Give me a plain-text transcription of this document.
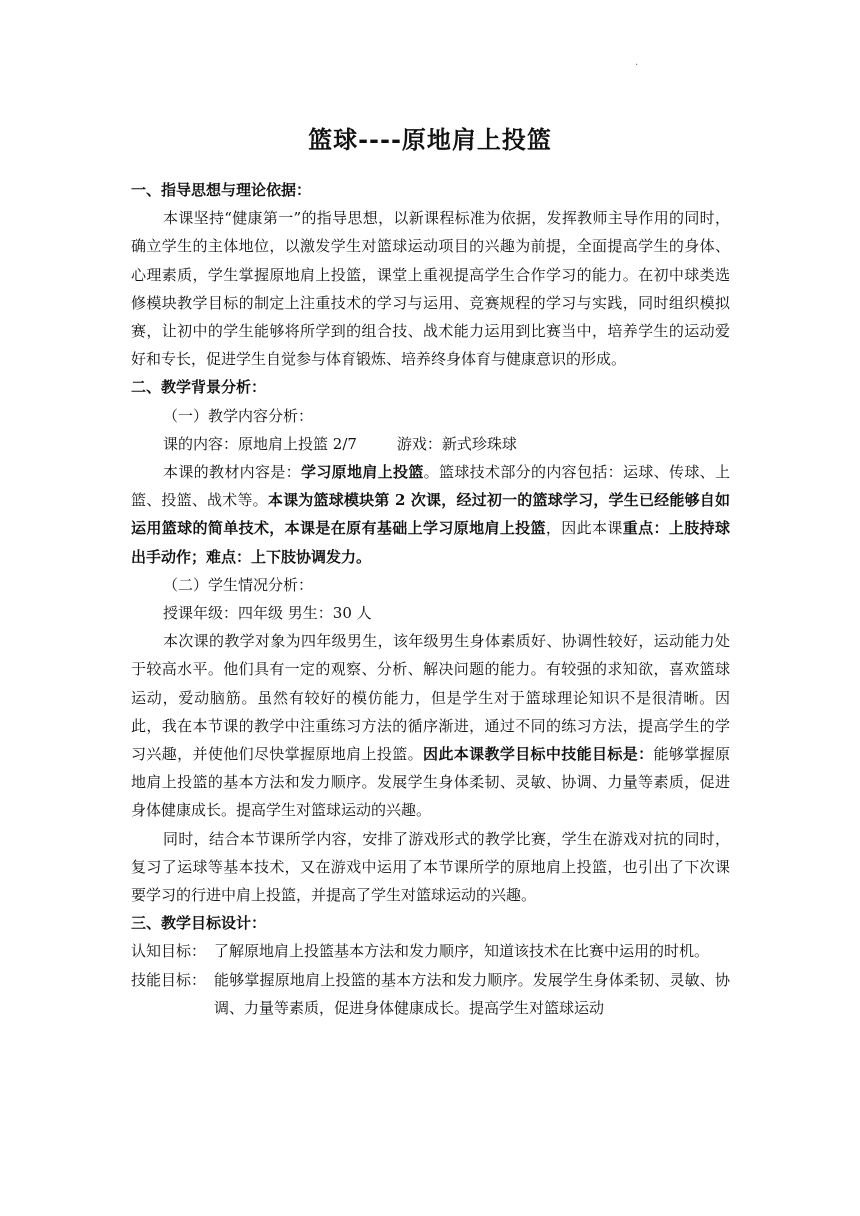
.
篮球----原地肩上投篮

一、指导思想与理论依据：

本课坚持“健康第一”的指导思想，以新课程标准为依据，发挥教师主导作用的同时，确立学生的主体地位，以激发学生对篮球运动项目的兴趣为前提，全面提高学生的身体、心理素质，学生掌握原地肩上投篮，课堂上重视提高学生合作学习的能力。在初中球类选修模块教学目标的制定上注重技术的学习与运用、竞赛规程的学习与实践，同时组织模拟赛，让初中的学生能够将所学到的组合技、战术能力运用到比赛当中，培养学生的运动爱好和专长，促进学生自觉参与体育锻炼、培养终身体育与健康意识的形成。

二、教学背景分析：

（一）教学内容分析：

课的内容：原地肩上投篮 2/7	游戏：新式珍珠球

本课的教材内容是：学习原地肩上投篮。篮球技术部分的内容包括：运球、传球、上篮、投篮、战术等。本课为篮球模块第 2 次课，经过初一的篮球学习，学生已经能够自如运用篮球的简单技术，本课是在原有基础上学习原地肩上投篮，因此本课重点：上肢持球出手动作；难点：上下肢协调发力。

（二）学生情况分析：

授课年级：四年级 男生：30 人

本次课的教学对象为四年级男生，该年级男生身体素质好、协调性较好，运动能力处于较高水平。他们具有一定的观察、分析、解决问题的能力。有较强的求知欲，喜欢篮球运动，爱动脑筋。虽然有较好的模仿能力，但是学生对于篮球理论知识不是很清晰。因此，我在本节课的教学中注重练习方法的循序渐进，通过不同的练习方法，提高学生的学习兴趣，并使他们尽快掌握原地肩上投篮。因此本课教学目标中技能目标是：能够掌握原地肩上投篮的基本方法和发力顺序。发展学生身体柔韧、灵敏、协调、力量等素质，促进身体健康成长。提高学生对篮球运动的兴趣。

同时，结合本节课所学内容，安排了游戏形式的教学比赛，学生在游戏对抗的同时，复习了运球等基本技术，又在游戏中运用了本节课所学的原地肩上投篮，也引出了下次课要学习的行进中肩上投篮，并提高了学生对篮球运动的兴趣。

三、教学目标设计：

认知目标： 了解原地肩上投篮基本方法和发力顺序，知道该技术在比赛中运用的时机。
技能目标： 能够掌握原地肩上投篮的基本方法和发力顺序。发展学生身体柔韧、灵敏、协调、力量等素质，促进身体健康成长。提高学生对篮球运动
